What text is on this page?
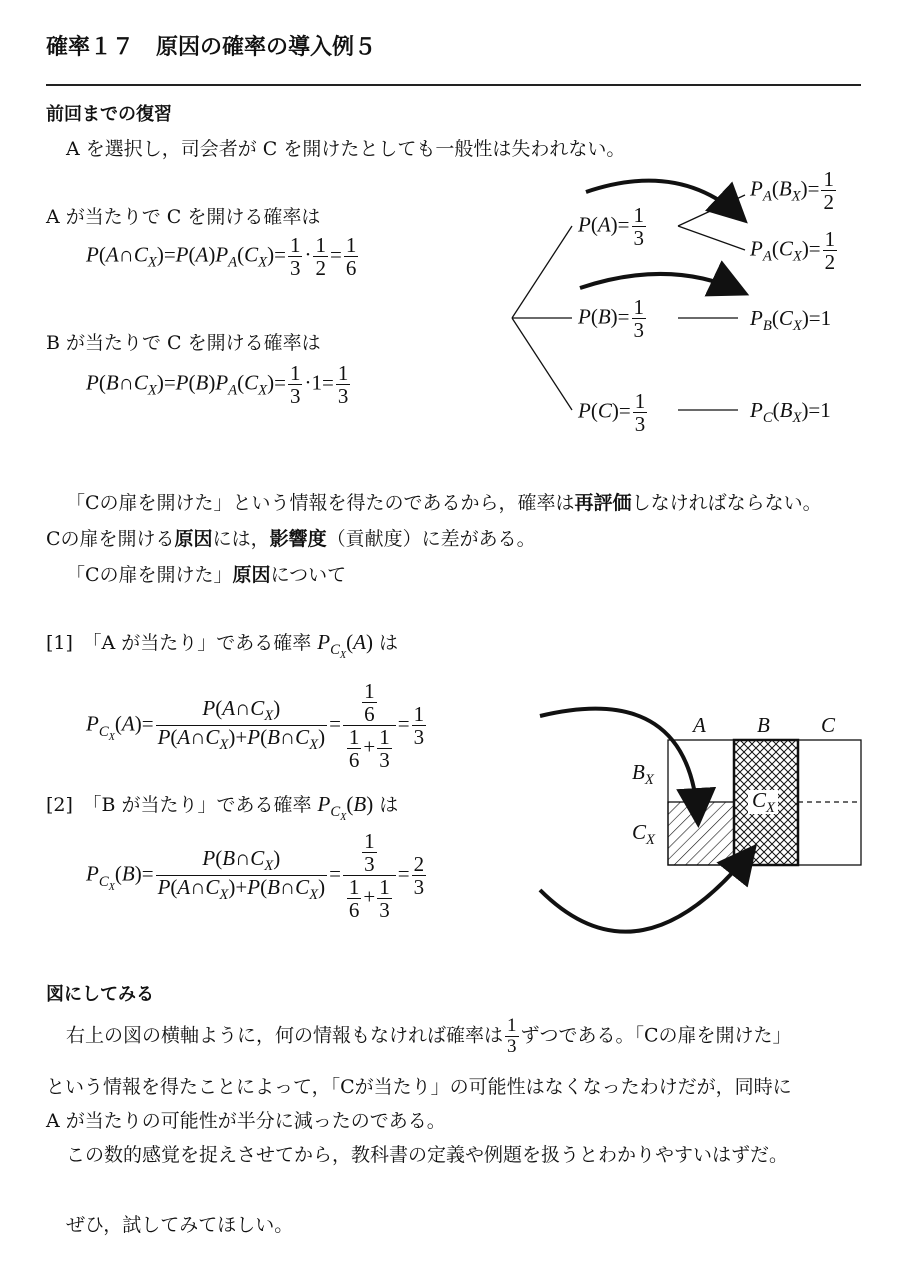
確率１７　原因の確率の導入例５
前回までの復習
A を選択し，司会者が C を開けたとしても一般性は失われない。
A が当たりで C を開ける確率は
$P(A\cap C_X)=P(A)P_A(C_X)= \frac{1}{3} \cdot \frac{1}{2} = \frac{1}{6}$
B が当たりで C を開ける確率は
$P(B\cap C_X)=P(B)P_A(C_X)= \frac{1}{3} \cdot 1= \frac{1}{3}$
$P(A)= \frac{1}{3}$
$P(B)= \frac{1}{3}$
$P(C)= \frac{1}{3}$
$P_A(B_X)= \frac{1}{2}$
$P_A(C_X)= \frac{1}{2}$
$P_B(C_X)=1$
$P_C(B_X)=1$
「Cの扉を開けた」という情報を得たのであるから，確率は再評価しなければならない。
Cの扉を開ける原因には，影響度（貢献度）に差がある。
「Cの扉を開けた」原因について
[1]　 「A が当たり」である確率 $P_{C_X}(A)$ は
$P_{C_X}(A)= \frac{P(A\cap C_X)}{P(A\cap C_X)+P(B\cap C_X)} = \frac{\frac{1}{6}}{\frac{1}{6} + \frac{1}{3}} = \frac{1}{3}$
[2]　 「B が当たり」である確率 $P_{C_X}(B)$ は
$P_{C_X}(B)= \frac{P(B\cap C_X)}{P(A\cap C_X)+P(B\cap C_X)} = \frac{\frac{1}{3}}{\frac{1}{6} + \frac{1}{3}} = \frac{2}{3}$
A B C
$B_X$
$C_X$
$C_X$
図にしてみる
右上の図の横軸ように，何の情報もなければ確率は $\frac{1}{3}$ ずつである。「Cの扉を開けた」
という情報を得たことによって，「Cが当たり」の可能性はなくなったわけだが，同時に
A が当たりの可能性が半分に減ったのである。
この数的感覚を捉えさせてから，教科書の定義や例題を扱うとわかりやすいはずだ。
ぜひ，試してみてほしい。
